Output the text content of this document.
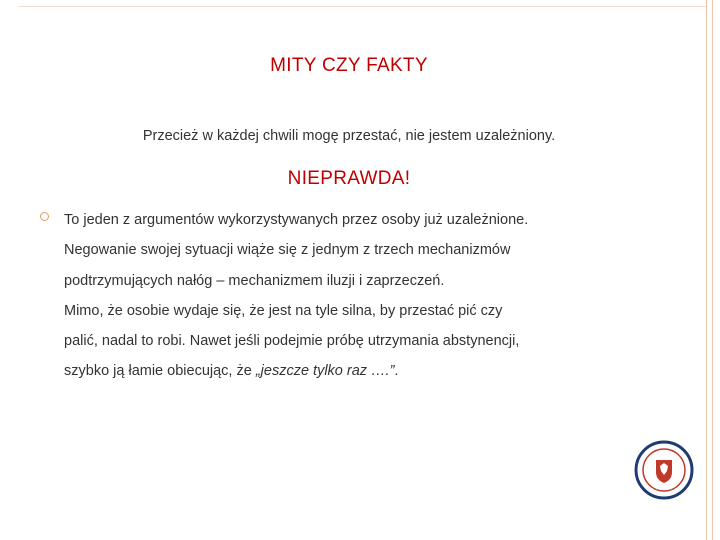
MITY CZY FAKTY
Przecież w każdej chwili mogę przestać, nie jestem uzależniony.
NIEPRAWDA!

To jeden z argumentów wykorzystywanych przez osoby już uzależnione.

Negowanie swojej sytuacji wiąże się z jednym z trzech mechanizmów

podtrzymujących nałóg – mechanizmem iluzji i zaprzeczeń.

Mimo, że osobie wydaje się, że jest na tyle silna, by przestać pić czy

palić, nadal to robi. Nawet jeśli podejmie próbę utrzymania abstynencji,

szybko ją łamie obiecując, że „jeszcze tylko raz ….”.
